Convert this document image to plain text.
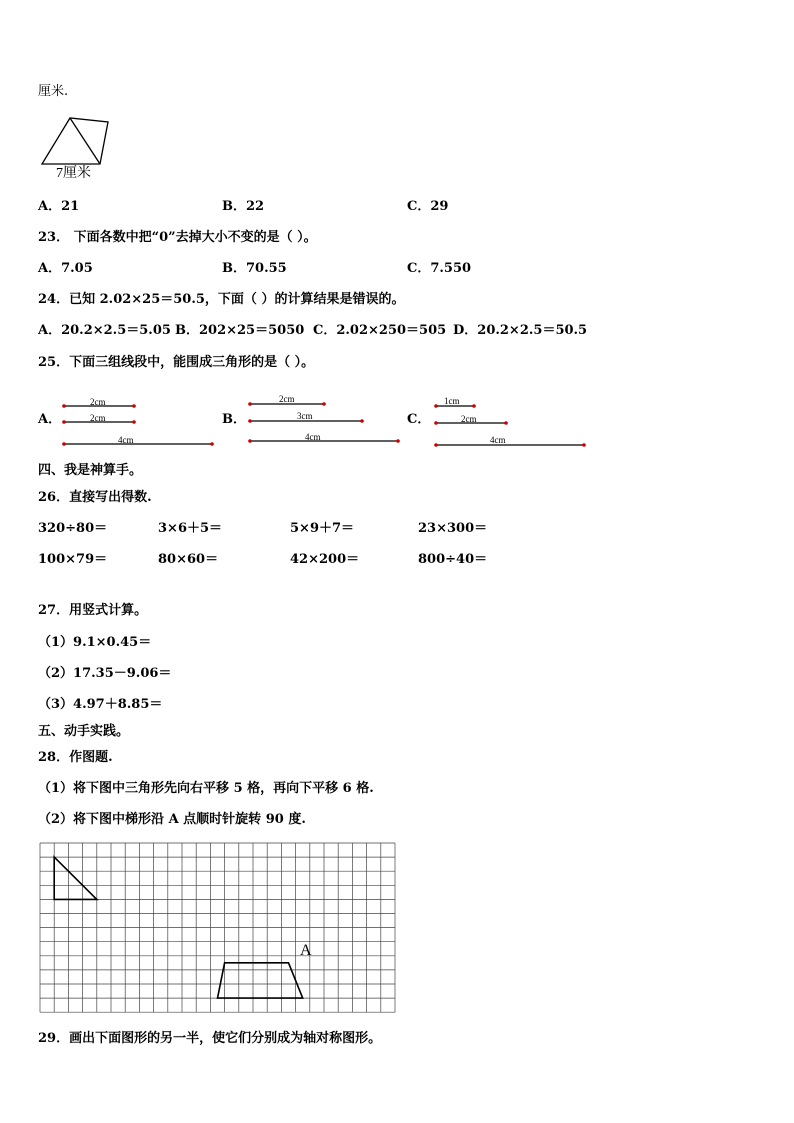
厘米.
7厘米
A．21	B．22	C．29
23． 下面各数中把“0”去掉大小不变的是（ ）。
A．7.05	B．70.55	C．7.550
24．已知 2.02×25＝50.5，下面（ ）的计算结果是错误的。
A．20.2×2.5＝5.05 B．202×25＝5050 C．2.02×250＝505 D．20.2×2.5＝50.5
25．下面三组线段中，能围成三角形的是（ ）。
A．
2cm
2cm
4cm
B．
2cm
3cm
4cm
C．
1cm
2cm
4cm
四、我是神算手。
26．直接写出得数.
320÷80＝	3×6＋5＝	5×9＋7＝	23×300＝
100×79＝	80×60＝	42×200＝	800÷40＝
27．用竖式计算。
（1）9.1×0.45＝
（2）17.35－9.06＝
（3）4.97＋8.85＝
五、动手实践。
28．作图题.
（1）将下图中三角形先向右平移 5 格，再向下平移 6 格.
（2）将下图中梯形沿 A 点顺时针旋转 90 度.
A
29．画出下面图形的另一半，使它们分别成为轴对称图形。
